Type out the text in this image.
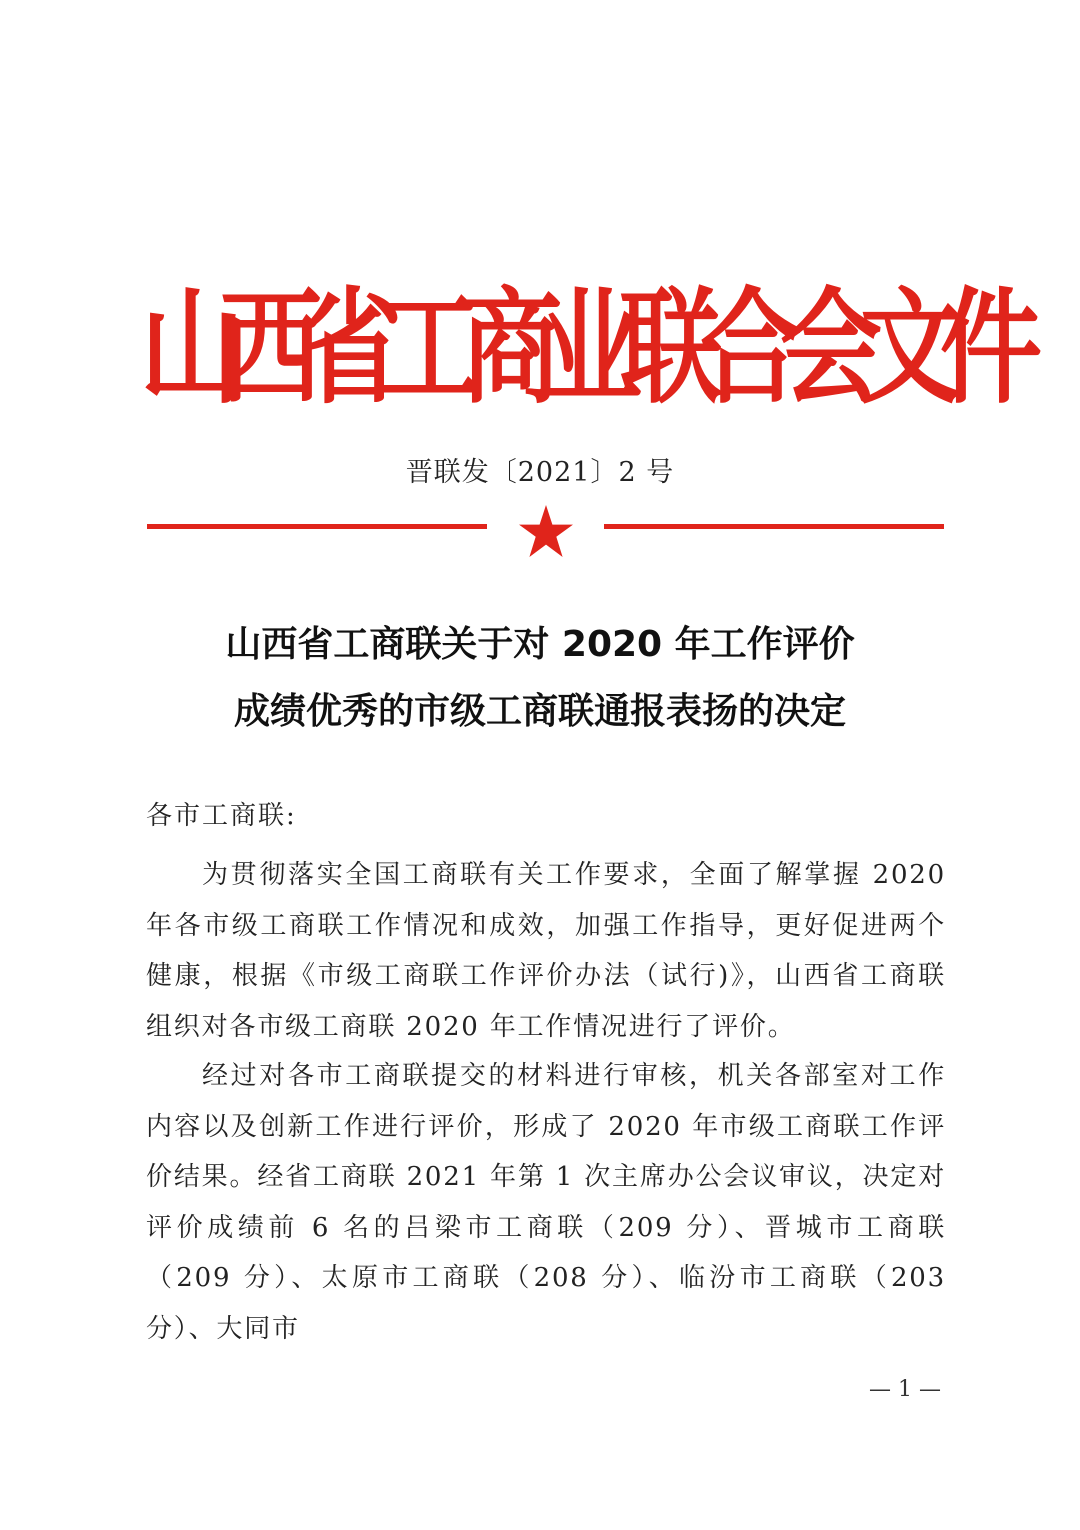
山西省工商业联合会文件
晋联发〔2021〕2 号
山西省工商联关于对 2020 年工作评价
成绩优秀的市级工商联通报表扬的决定
各市工商联:

为贯彻落实全国工商联有关工作要求，全面了解掌握 2020 年各市级工商联工作情况和成效，加强工作指导，更好促进两个健康，根据《市级工商联工作评价办法（试行)》，山西省工商联组织对各市级工商联 2020 年工作情况进行了评价。

经过对各市工商联提交的材料进行审核，机关各部室对工作内容以及创新工作进行评价，形成了 2020 年市级工商联工作评价结果。经省工商联 2021 年第 1 次主席办公会议审议，决定对评价成绩前 6 名的吕梁市工商联（209 分）、晋城市工商联（209 分）、太原市工商联（208 分）、临汾市工商联（203 分）、大同市

— 1 —
